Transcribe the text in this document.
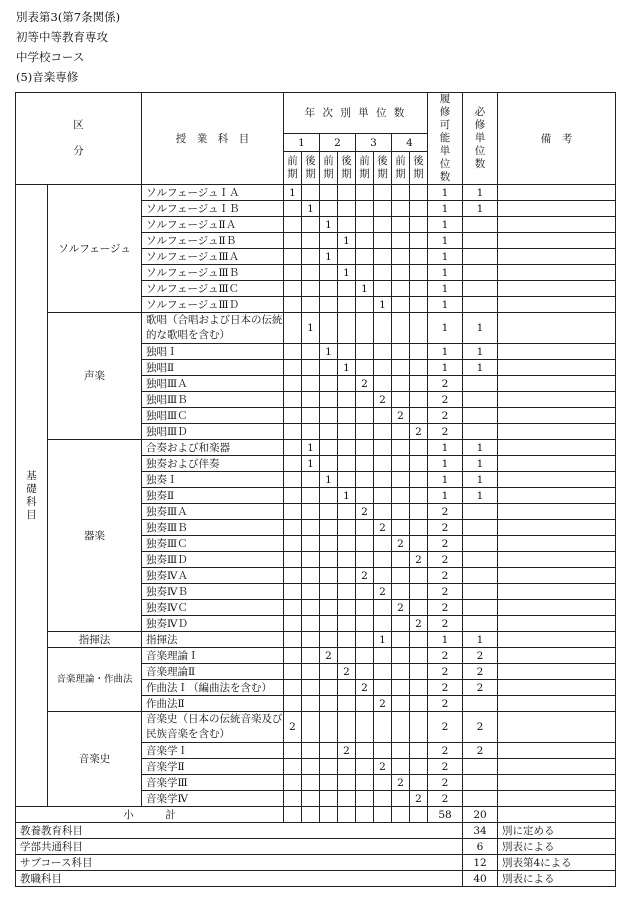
別表第3(第7条関係)
初等中等教育専攻
中学校コース
(5)音楽専修
区

分		授　業　科　目	年 次 別 単 位 数								履修可能単位数	必修単位数	備　考
			1		2		3		4				
			前期	後期	前期	後期	前期	後期	前期	後期			
基礎科目	ソルフェージュ	ソルフェージュＩＡ	1								1	1	
		ソルフェージュＩＢ		1							1	1	
		ソルフェージュⅡＡ			1						1		
		ソルフェージュⅡＢ				1					1		
		ソルフェージュⅢＡ			1						1		
		ソルフェージュⅢＢ				1					1		
		ソルフェージュⅢＣ					1				1		
		ソルフェージュⅢＤ						1			1		
	声楽	歌唱（合唱および日本の伝統的な歌唱を含む）		1							1	1	
		独唱Ｉ			1						1	1	
		独唱Ⅱ				1					1	1	
		独唱ⅢＡ					2				2		
		独唱ⅢＢ						2			2		
		独唱ⅢＣ							2		2		
		独唱ⅢＤ								2	2		
	器楽	合奏および和楽器		1							1	1	
		独奏および伴奏		1							1	1	
		独奏Ｉ			1						1	1	
		独奏Ⅱ				1					1	1	
		独奏ⅢＡ					2				2		
		独奏ⅢＢ						2			2		
		独奏ⅢＣ							2		2		
		独奏ⅢＤ								2	2		
		独奏ⅣＡ					2				2		
		独奏ⅣＢ						2			2		
		独奏ⅣＣ							2		2		
		独奏ⅣＤ								2	2		
	指揮法	指揮法						1			1	1	
	音楽理論・作曲法	音楽理論Ｉ			2						2	2	
		音楽理論Ⅱ				2					2	2	
		作曲法Ｉ（編曲法を含む）					2				2	2	
		作曲法Ⅱ						2			2		
	音楽史	音楽史（日本の伝統音楽及び民族音楽を含む）	2								2	2	
		音楽学Ｉ				2					2	2	
		音楽学Ⅱ						2			2		
		音楽学Ⅲ							2		2		
		音楽学Ⅳ								2	2		
小　　　計											58	20	
教養教育科目												34	別に定める
学部共通科目												6	別表による
サブコース科目												12	別表第4による
教職科目												40	別表による
